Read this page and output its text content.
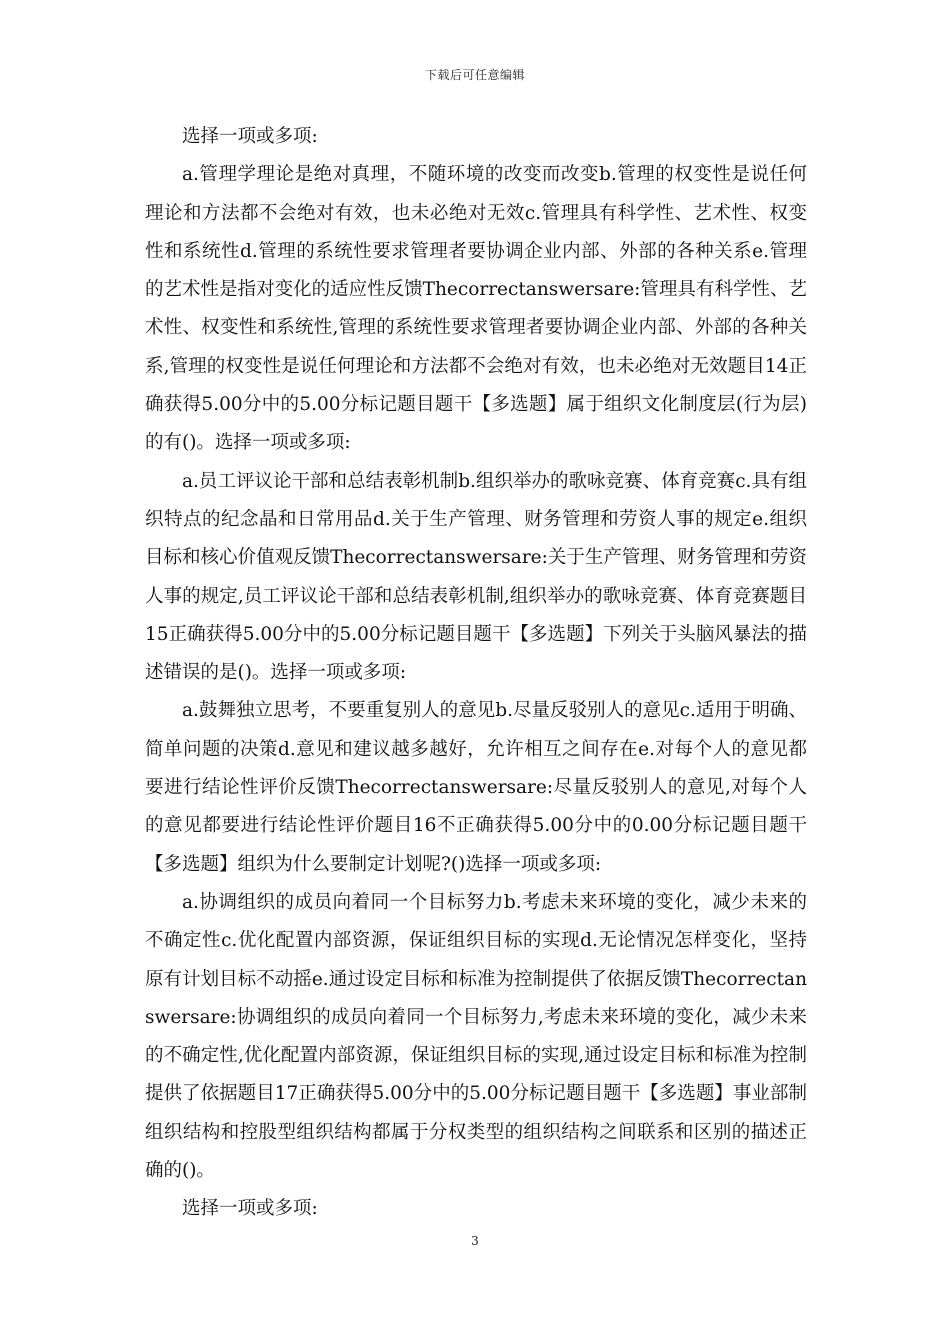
下载后可任意编辑

选择一项或多项:

a.管理学理论是绝对真理，不随环境的改变而改变b.管理的权变性是说任何理论和方法都不会绝对有效，也未必绝对无效c.管理具有科学性、艺术性、权变性和系统性d.管理的系统性要求管理者要协调企业内部、外部的各种关系e.管理的艺术性是指对变化的适应性反馈Thecorrectanswersare:管理具有科学性、艺术性、权变性和系统性,管理的系统性要求管理者要协调企业内部、外部的各种关系,管理的权变性是说任何理论和方法都不会绝对有效，也未必绝对无效题目14正确获得5.00分中的5.00分标记题目题干【多选题】属于组织文化制度层(行为层)的有()。选择一项或多项:

a.员工评议论干部和总结表彰机制b.组织举办的歌咏竞赛、体育竞赛c.具有组织特点的纪念晶和日常用品d.关于生产管理、财务管理和劳资人事的规定e.组织目标和核心价值观反馈Thecorrectanswersare:关于生产管理、财务管理和劳资人事的规定,员工评议论干部和总结表彰机制,组织举办的歌咏竞赛、体育竞赛题目15正确获得5.00分中的5.00分标记题目题干【多选题】下列关于头脑风暴法的描述错误的是()。选择一项或多项:

a.鼓舞独立思考，不要重复别人的意见b.尽量反驳别人的意见c.适用于明确、简单问题的决策d.意见和建议越多越好，允许相互之间存在e.对每个人的意见都要进行结论性评价反馈Thecorrectanswersare:尽量反驳别人的意见,对每个人的意见都要进行结论性评价题目16不正确获得5.00分中的0.00分标记题目题干【多选题】组织为什么要制定计划呢?()选择一项或多项:

a.协调组织的成员向着同一个目标努力b.考虑未来环境的变化，减少未来的不确定性c.优化配置内部资源，保证组织目标的实现d.无论情况怎样变化，坚持原有计划目标不动摇e.通过设定目标和标准为控制提供了依据反馈Thecorrectanswersare:协调组织的成员向着同一个目标努力,考虑未来环境的变化，减少未来的不确定性,优化配置内部资源，保证组织目标的实现,通过设定目标和标准为控制提供了依据题目17正确获得5.00分中的5.00分标记题目题干【多选题】事业部制组织结构和控股型组织结构都属于分权类型的组织结构之间联系和区别的描述正确的()。

选择一项或多项:

3
